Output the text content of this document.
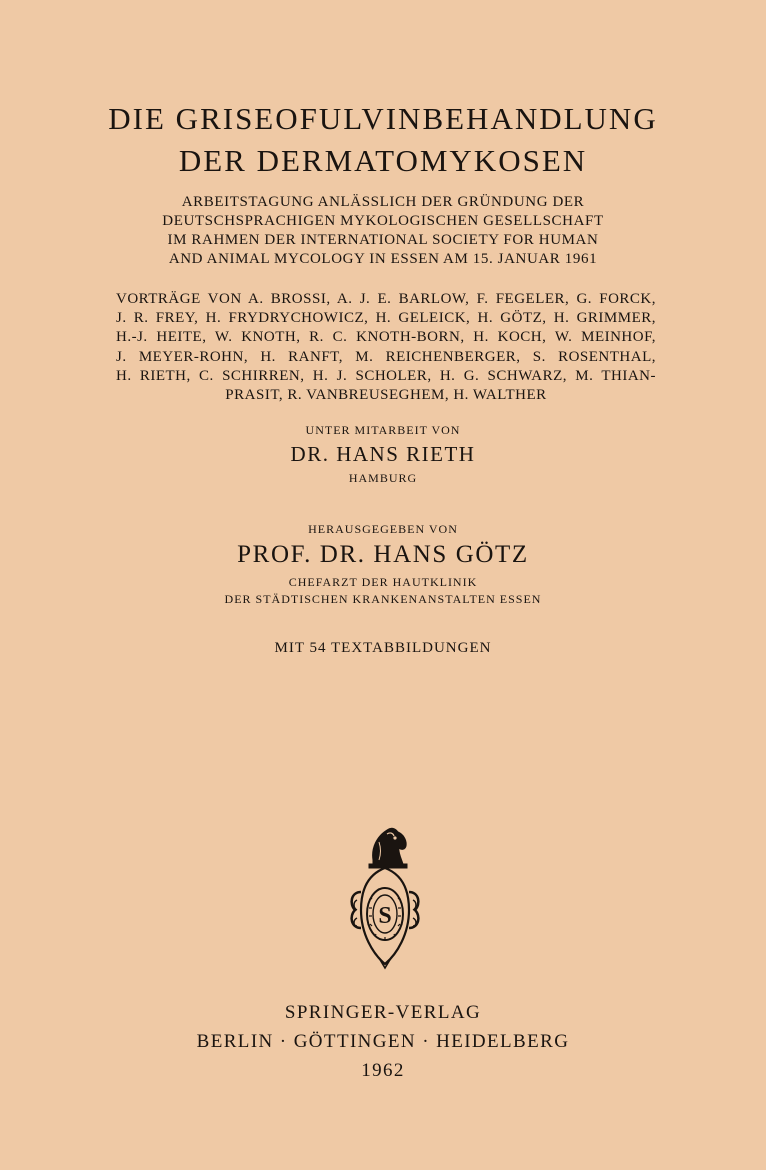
DIE GRISEOFULVINBEHANDLUNG
DER DERMATOMYKOSEN
ARBEITSTAGUNG ANLÄSSLICH DER GRÜNDUNG DER
DEUTSCHSPRACHIGEN MYKOLOGISCHEN GESELLSCHAFT
IM RAHMEN DER INTERNATIONAL SOCIETY FOR HUMAN
AND ANIMAL MYCOLOGY IN ESSEN AM 15. JANUAR 1961
VORTRÄGE VON A. BROSSI, A. J. E. BARLOW, F. FEGELER, G. FORCK,
J. R. FREY, H. FRYDRYCHOWICZ, H. GELEICK, H. GÖTZ, H. GRIMMER,
H.-J. HEITE, W. KNOTH, R. C. KNOTH-BORN, H. KOCH, W. MEINHOF,
J. MEYER-ROHN, H. RANFT, M. REICHENBERGER, S. ROSENTHAL,
H. RIETH, C. SCHIRREN, H. J. SCHOLER, H. G. SCHWARZ, M. THIAN-
PRASIT, R. VANBREUSEGHEM, H. WALTHER
UNTER MITARBEIT VON
DR. HANS RIETH
HAMBURG
HERAUSGEGEBEN VON
PROF. DR. HANS GÖTZ
CHEFARZT DER HAUTKLINIK
DER STÄDTISCHEN KRANKENANSTALTEN ESSEN
MIT 54 TEXTABBILDUNGEN
S
SPRINGER-VERLAG
BERLIN · GÖTTINGEN · HEIDELBERG
1962
